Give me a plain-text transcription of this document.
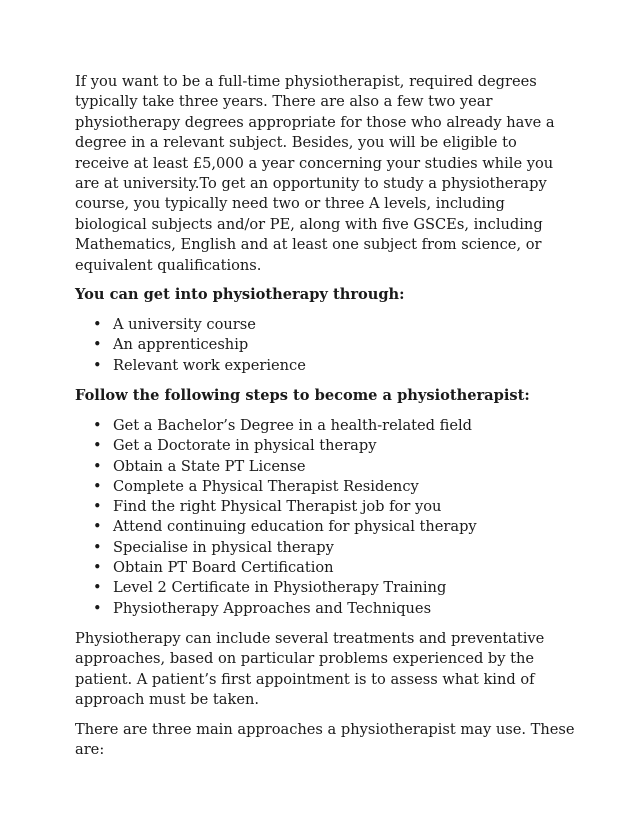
If you want to be a full-time physiotherapist, required degrees typically take three years. There are also a few two year physiotherapy degrees appropriate for those who already have a degree in a relevant subject. Besides, you will be eligible to receive at least £5,000 a year concerning your studies while you are at university.To get an opportunity to study a physiotherapy course, you typically need two or three A levels, including biological subjects and/or PE, along with five GSCEs, including Mathematics, English and at least one subject from science, or equivalent qualifications.

You can get into physiotherapy through:
• A university course
• An apprenticeship
• Relevant work experience
Follow the following steps to become a physiotherapist:
• Get a Bachelor’s Degree in a health-related field
• Get a Doctorate in physical therapy
• Obtain a State PT License
• Complete a Physical Therapist Residency
• Find the right Physical Therapist job for you
• Attend continuing education for physical therapy
• Specialise in physical therapy
• Obtain PT Board Certification
• Level 2 Certificate in Physiotherapy Training
• Physiotherapy Approaches and Techniques

Physiotherapy can include several treatments and preventative approaches, based on particular problems experienced by the patient. A patient’s first appointment is to assess what kind of approach must be taken.

There are three main approaches a physiotherapist may use. These are:
